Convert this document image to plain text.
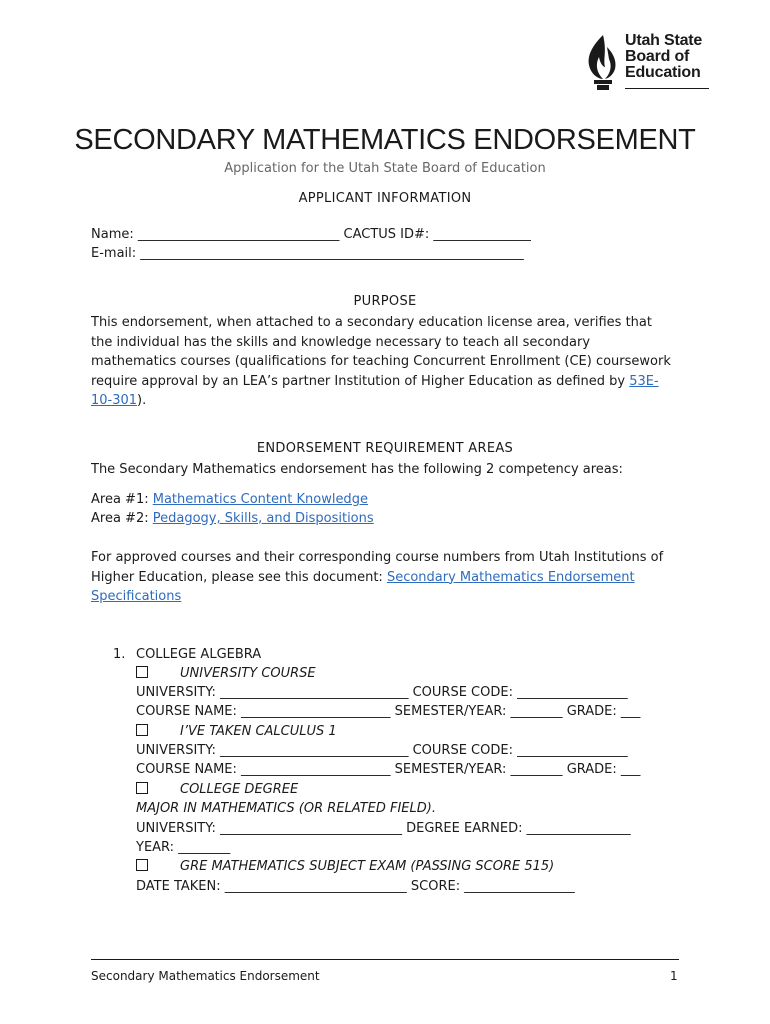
Utah State
Board of
Education
SECONDARY MATHEMATICS ENDORSEMENT
Application for the Utah State Board of Education
APPLICANT INFORMATION
Name: _______________________________ CACTUS ID#: _______________
E-mail: ___________________________________________________________
PURPOSE
This endorsement, when attached to a secondary education license area, verifies that the individual has the skills and knowledge necessary to teach all secondary mathematics courses (qualifications for teaching Concurrent Enrollment (CE) coursework require approval by an LEA’s partner Institution of Higher Education as defined by 53E-10-301).
ENDORSEMENT REQUIREMENT AREAS
The Secondary Mathematics endorsement has the following 2 competency areas:
Area #1: Mathematics Content Knowledge
Area #2: Pedagogy, Skills, and Dispositions
For approved courses and their corresponding course numbers from Utah Institutions of Higher Education, please see this document: Secondary Mathematics Endorsement Specifications
1. COLLEGE ALGEBRA
UNIVERSITY COURSE
UNIVERSITY: _____________________________ COURSE CODE: _________________
COURSE NAME: _______________________ SEMESTER/YEAR: ________ GRADE: ___
I’VE TAKEN CALCULUS 1
UNIVERSITY: _____________________________ COURSE CODE: _________________
COURSE NAME: _______________________ SEMESTER/YEAR: ________ GRADE: ___
COLLEGE DEGREE
MAJOR IN MATHEMATICS (OR RELATED FIELD).
UNIVERSITY: ____________________________ DEGREE EARNED: ________________
YEAR: ________
GRE MATHEMATICS SUBJECT EXAM (PASSING SCORE 515)
DATE TAKEN: ____________________________ SCORE: _________________
Secondary Mathematics Endorsement	1
